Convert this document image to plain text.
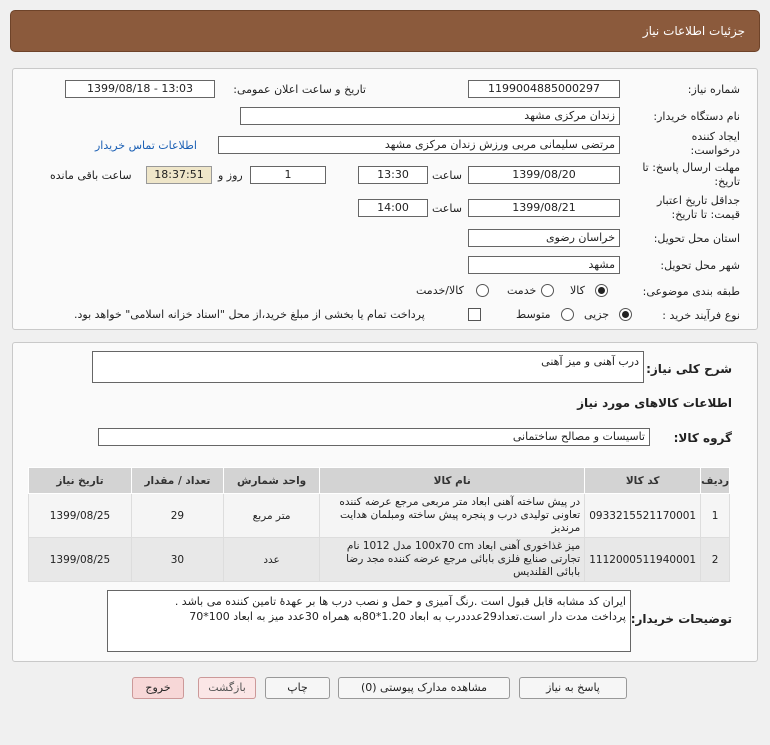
جزئیات اطلاعات نیاز
شماره نیاز:
1199004885000297
تاریخ و ساعت اعلان عمومی:
1399/08/18 - 13:03
نام دستگاه خریدار:
زندان مرکزی مشهد
ایجاد کننده درخواست:
مرتضی سلیمانی مربی ورزش زندان مرکزی مشهد
اطلاعات تماس خریدار
مهلت ارسال پاسخ: تا تاریخ:
1399/08/20
ساعت
13:30
1
روز و
18:37:51
ساعت باقی مانده
جداقل تاریخ اعتبار قیمت: تا تاریخ:
1399/08/21
ساعت
14:00
استان محل تحویل:
خراسان رضوی
شهر محل تحویل:
مشهد
طبقه بندی موضوعی:
کالا
خدمت
کالا/خدمت
نوع فرآیند خرید :
جزیی
متوسط
پرداخت تمام یا بخشی از مبلغ خرید،از محل "اسناد خزانه اسلامی" خواهد بود.
شرح کلی نیاز:
درب آهنی و میز آهنی
اطلاعات کالاهای مورد نیاز
گروه کالا:
تاسیسات و مصالح ساختمانی
ردیف	کد کالا	نام کالا	واحد شمارش	تعداد / مقدار	تاریخ نیاز
1	0933215521170001	در پیش ساخته آهنی ابعاد متر مربعی مرجع عرضه کننده تعاونی تولیدی درب و پنجره پیش ساخته ومبلمان هدایت مرندیز	متر مربع	29	1399/08/25
2	1112000511940001	میز غذاخوری آهنی ابعاد 100x70 cm مدل 1012 نام تجارتی صنایع فلزی بابائی مرجع عرضه کننده مجد رضا بابائی القلندیس	عدد	30	1399/08/25
توضیحات خریدار:
ایران کد مشابه قابل قبول است .رنگ آمیزی و حمل و نصب درب ها بر عهدهٔ تامین کننده می باشد .
پرداخت مدت دار است.تعداد29عدددرب به ابعاد 1.20*80به همراه 30عدد میز به ابعاد 100*70
پاسخ به نیاز
مشاهده مدارک پیوستی (0)
چاپ
بازگشت
خروج
